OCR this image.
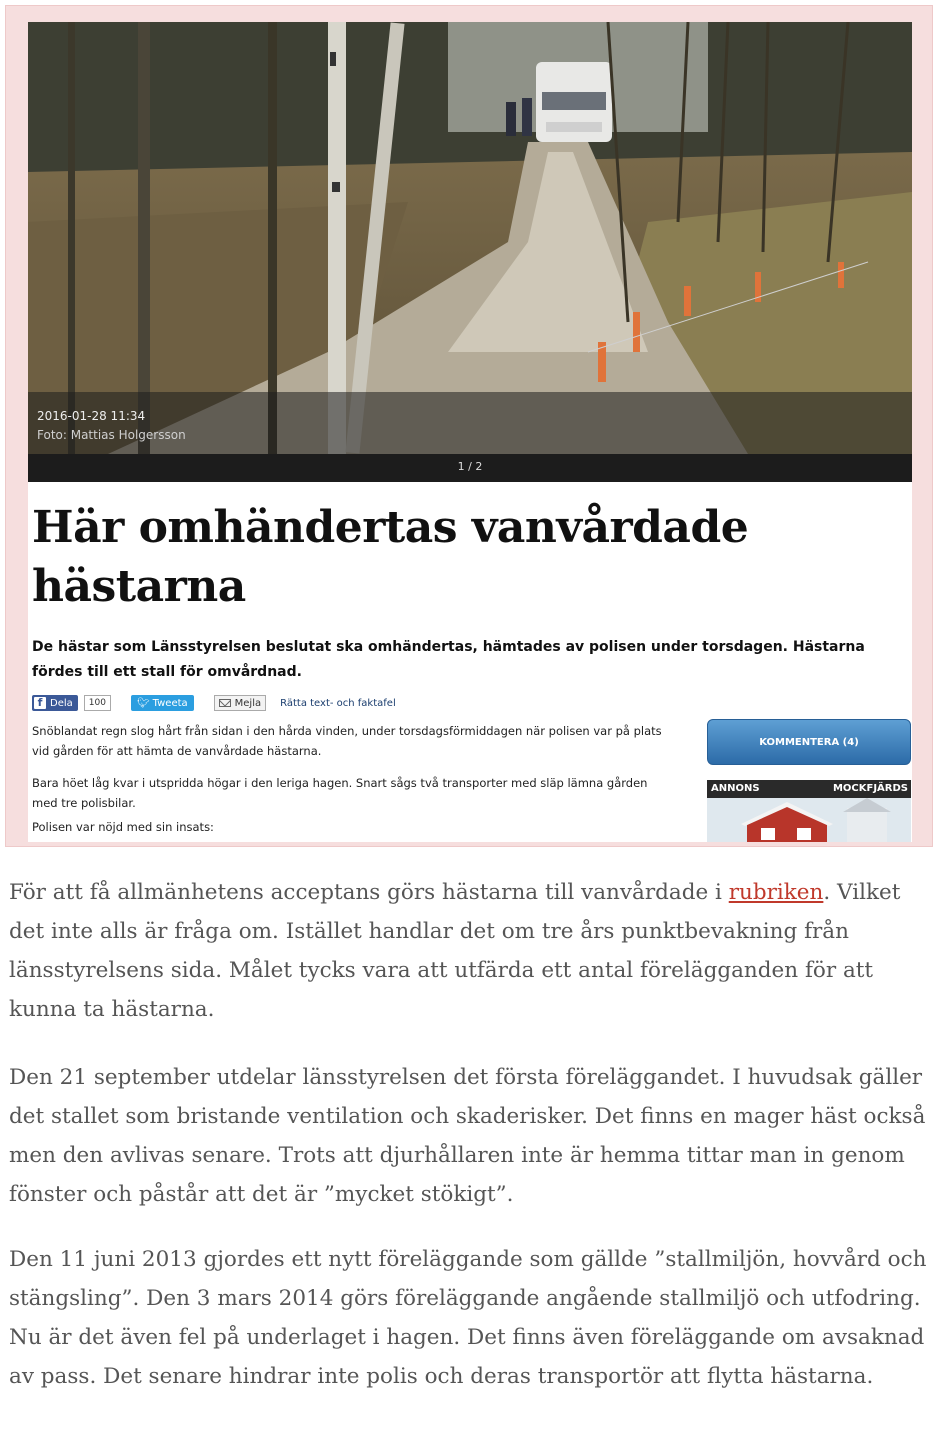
2016-01-28 11:34
Foto: Mattias Holgersson
1 / 2
Här omhändertas vanvårdade hästarna

De hästar som Länsstyrelsen beslutat ska omhändertas, hämtades av polisen under torsdagen. Hästarna fördes till ett stall för omvårdnad.

f Dela	100	🐦︎ Tweeta	Mejla Rätta text- och faktafel

Snöblandat regn slog hårt från sidan i den hårda vinden, under torsdagsförmiddagen när polisen var på plats vid gården för att hämta de vanvårdade hästarna.

Bara höet låg kvar i utspridda högar i den leriga hagen. Snart sågs två transporter med släp lämna gården med tre polisbilar.

Polisen var nöjd med sin insats:

KOMMENTERA (4)
ANNONS	MOCKFJÄRDS

För att få allmänhetens acceptans görs hästarna till vanvårdade i rubriken. Vilket det inte alls är fråga om. Istället handlar det om tre års punktbevakning från länsstyrelsens sida. Målet tycks vara att utfärda ett antal förelägganden för att kunna ta hästarna.

Den 21 september utdelar länsstyrelsen det första föreläggandet. I huvudsak gäller det stallet som bristande ventilation och skaderisker. Det finns en mager häst också men den avlivas senare. Trots att djurhållaren inte är hemma tittar man in genom fönster och påstår att det är ”mycket stökigt”.

Den 11 juni 2013 gjordes ett nytt föreläggande som gällde ”stallmiljön, hovvård och stängsling”. Den 3 mars 2014 görs föreläggande angående stallmiljö och utfodring. Nu är det även fel på underlaget i hagen. Det finns även föreläggande om avsaknad av pass. Det senare hindrar inte polis och deras transportör att flytta hästarna.
